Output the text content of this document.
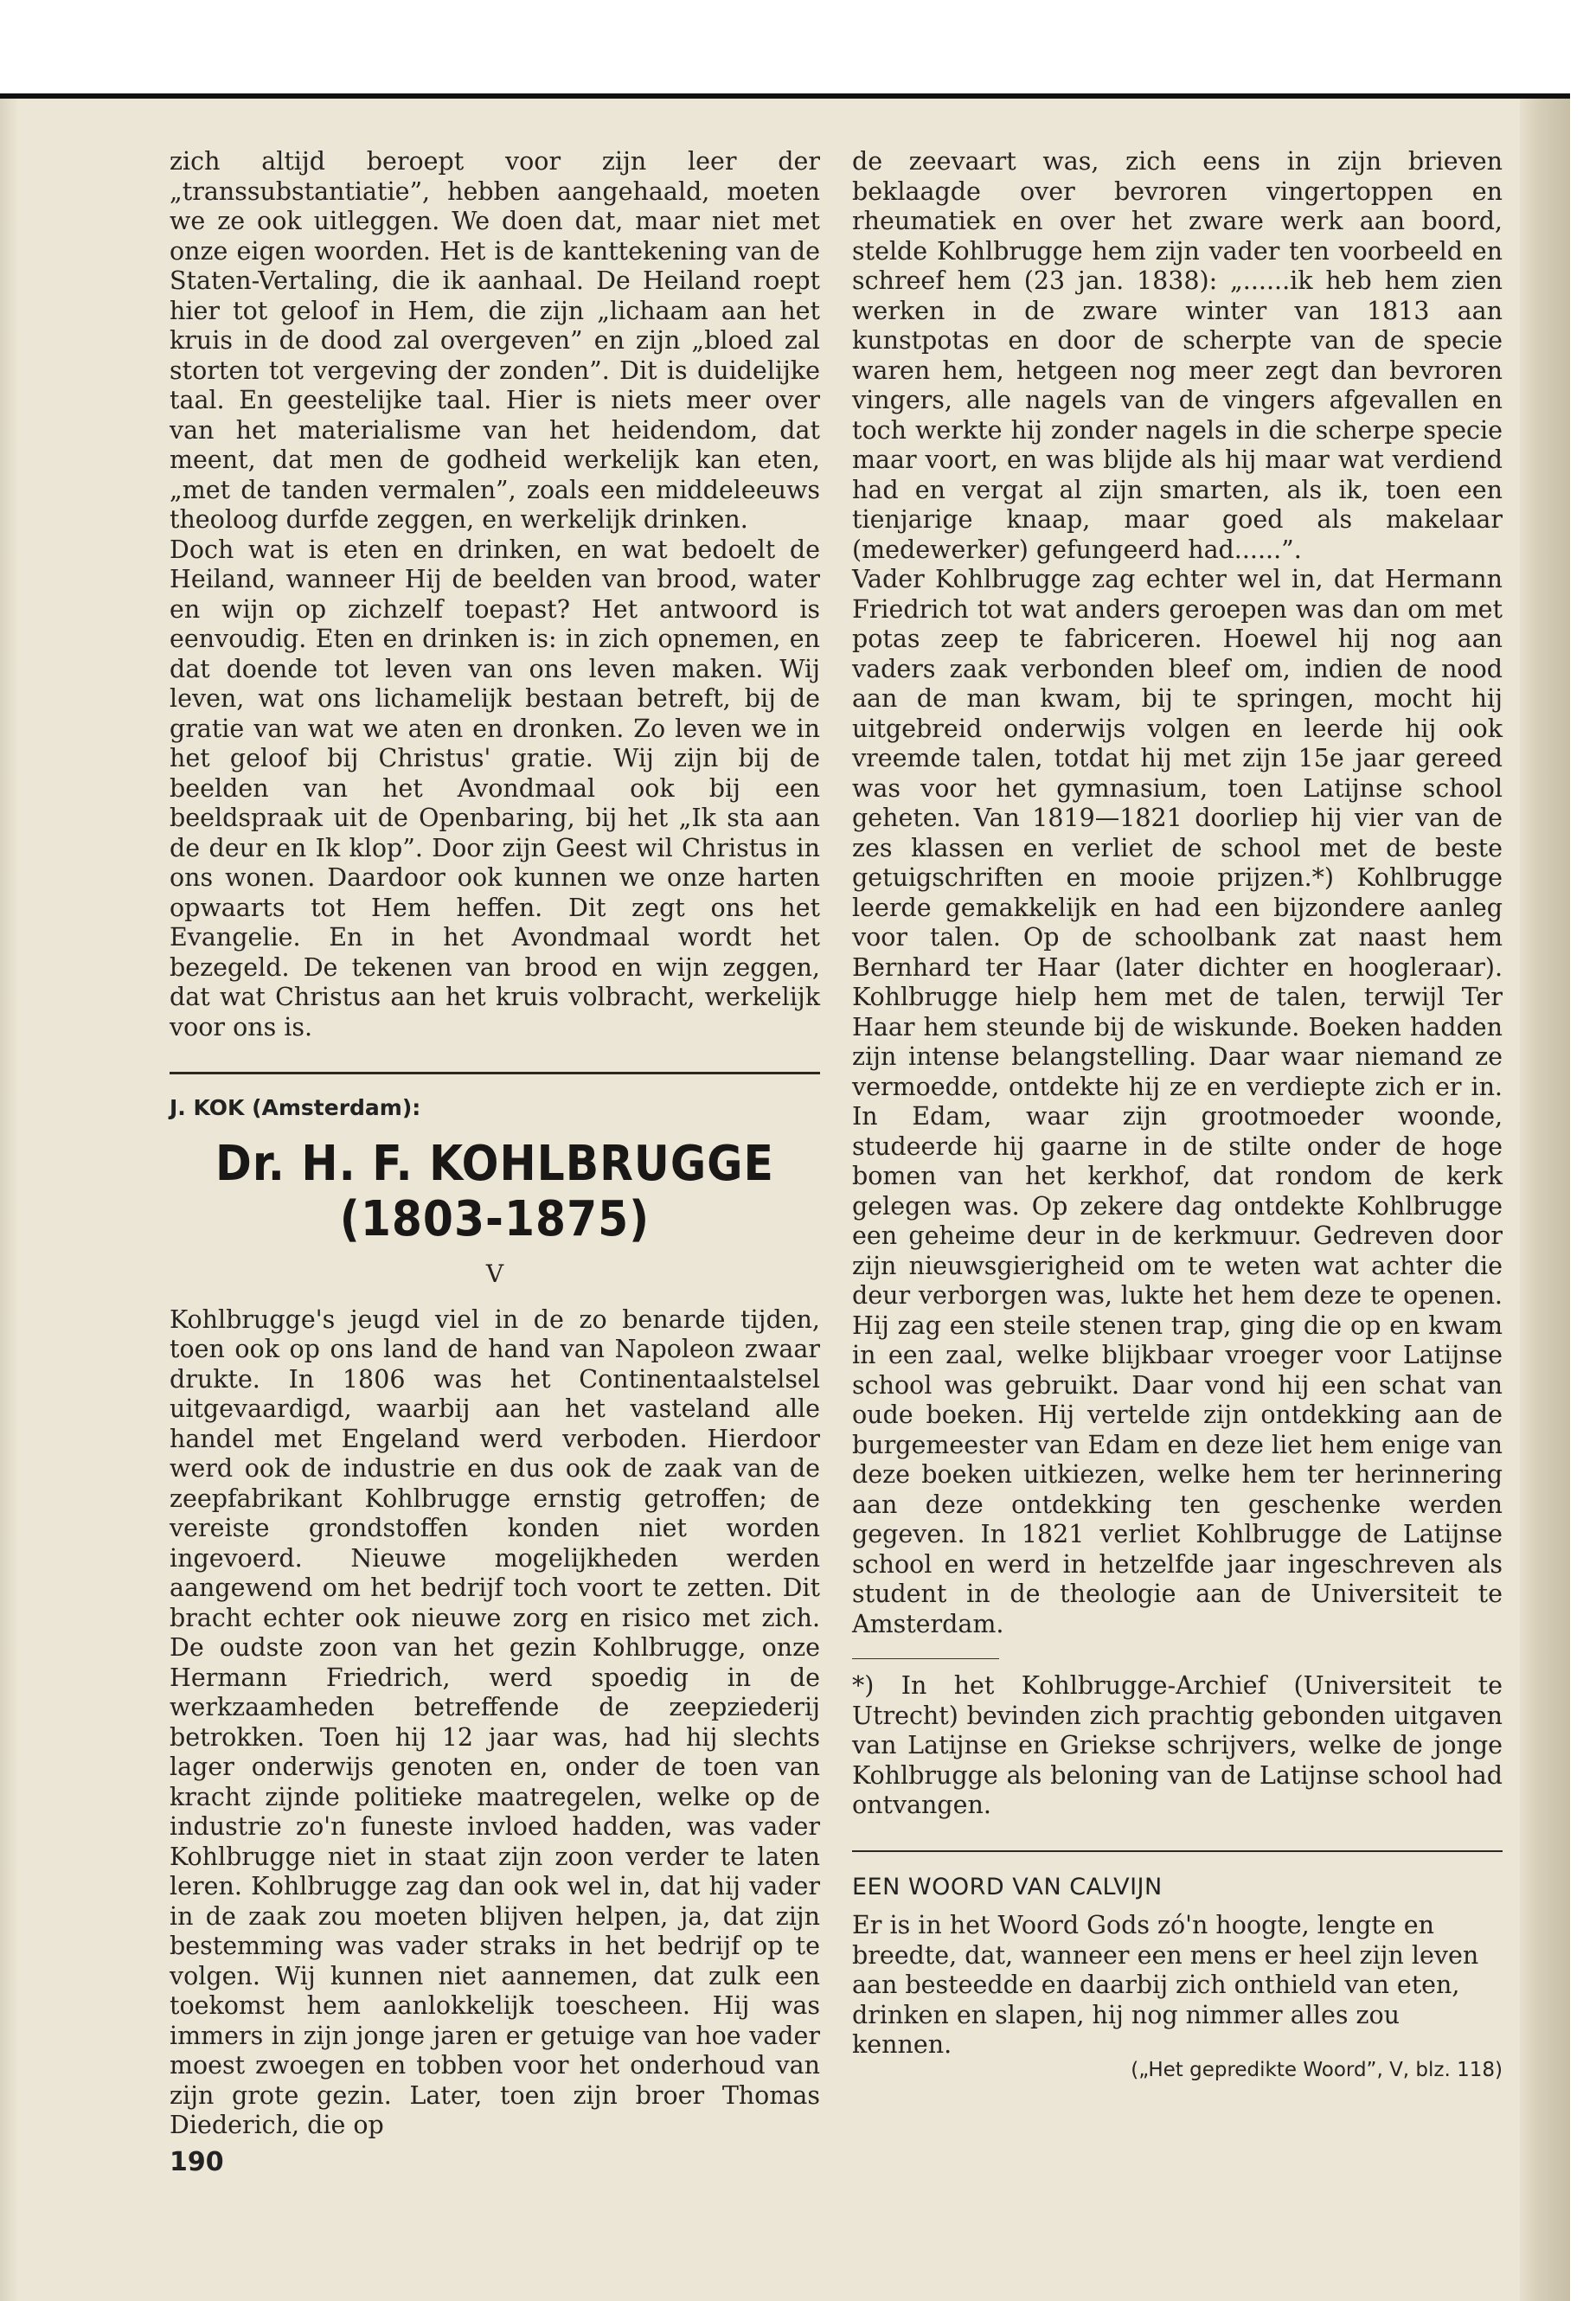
zich altijd beroept voor zijn leer der „transsubstantiatie”, hebben aangehaald, moeten we ze ook uitleggen. We doen dat, maar niet met onze eigen woorden. Het is de kanttekening van de Staten-Vertaling, die ik aanhaal. De Heiland roept hier tot geloof in Hem, die zijn „lichaam aan het kruis in de dood zal overgeven” en zijn „bloed zal storten tot vergeving der zonden”. Dit is duidelijke taal. En geestelijke taal. Hier is niets meer over van het materialisme van het heidendom, dat meent, dat men de godheid werkelijk kan eten, „met de tanden vermalen”, zoals een middeleeuws theoloog durfde zeggen, en werkelijk drinken.

Doch wat is eten en drinken, en wat bedoelt de Heiland, wanneer Hij de beelden van brood, water en wijn op zichzelf toepast? Het antwoord is eenvoudig. Eten en drinken is: in zich opnemen, en dat doende tot leven van ons leven maken. Wij leven, wat ons lichamelijk bestaan betreft, bij de gratie van wat we aten en dronken. Zo leven we in het geloof bij Christus' gratie. Wij zijn bij de beelden van het Avondmaal ook bij een beeldspraak uit de Openbaring, bij het „Ik sta aan de deur en Ik klop”. Door zijn Geest wil Christus in ons wonen. Daardoor ook kunnen we onze harten opwaarts tot Hem heffen. Dit zegt ons het Evangelie. En in het Avondmaal wordt het bezegeld. De tekenen van brood en wijn zeggen, dat wat Christus aan het kruis volbracht, werkelijk voor ons is.

J. KOK (Amsterdam):
Dr. H. F. KOHLBRUGGE (1803-1875)
V

Kohlbrugge's jeugd viel in de zo benarde tijden, toen ook op ons land de hand van Napoleon zwaar drukte. In 1806 was het Continentaalstelsel uitgevaardigd, waarbij aan het vasteland alle handel met Engeland werd verboden. Hierdoor werd ook de industrie en dus ook de zaak van de zeepfabrikant Kohlbrugge ernstig getroffen; de vereiste grondstoffen konden niet worden ingevoerd. Nieuwe mogelijkheden werden aangewend om het bedrijf toch voort te zetten. Dit bracht echter ook nieuwe zorg en risico met zich. De oudste zoon van het gezin Kohlbrugge, onze Hermann Friedrich, werd spoedig in de werkzaamheden betreffende de zeepziederij betrokken. Toen hij 12 jaar was, had hij slechts lager onderwijs genoten en, onder de toen van kracht zijnde politieke maatregelen, welke op de industrie zo'n funeste invloed hadden, was vader Kohlbrugge niet in staat zijn zoon verder te laten leren. Kohlbrugge zag dan ook wel in, dat hij vader in de zaak zou moeten blijven helpen, ja, dat zijn bestemming was vader straks in het bedrijf op te volgen. Wij kunnen niet aannemen, dat zulk een toekomst hem aanlokkelijk toescheen. Hij was immers in zijn jonge jaren er getuige van hoe vader moest zwoegen en tobben voor het onderhoud van zijn grote gezin. Later, toen zijn broer Thomas Diederich, die op

190

de zeevaart was, zich eens in zijn brieven beklaagde over bevroren vingertoppen en rheumatiek en over het zware werk aan boord, stelde Kohlbrugge hem zijn vader ten voorbeeld en schreef hem (23 jan. 1838): „......ik heb hem zien werken in de zware winter van 1813 aan kunstpotas en door de scherpte van de specie waren hem, hetgeen nog meer zegt dan bevroren vingers, alle nagels van de vingers afgevallen en toch werkte hij zonder nagels in die scherpe specie maar voort, en was blijde als hij maar wat verdiend had en vergat al zijn smarten, als ik, toen een tienjarige knaap, maar goed als makelaar (medewerker) gefungeerd had......”.

Vader Kohlbrugge zag echter wel in, dat Hermann Friedrich tot wat anders geroepen was dan om met potas zeep te fabriceren. Hoewel hij nog aan vaders zaak verbonden bleef om, indien de nood aan de man kwam, bij te springen, mocht hij uitgebreid onderwijs volgen en leerde hij ook vreemde talen, totdat hij met zijn 15e jaar gereed was voor het gymnasium, toen Latijnse school geheten. Van 1819—1821 doorliep hij vier van de zes klassen en verliet de school met de beste getuigschriften en mooie prijzen.*) Kohlbrugge leerde gemakkelijk en had een bijzondere aanleg voor talen. Op de schoolbank zat naast hem Bernhard ter Haar (later dichter en hoogleraar). Kohlbrugge hielp hem met de talen, terwijl Ter Haar hem steunde bij de wiskunde. Boeken hadden zijn intense belangstelling. Daar waar niemand ze vermoedde, ontdekte hij ze en verdiepte zich er in. In Edam, waar zijn grootmoeder woonde, studeerde hij gaarne in de stilte onder de hoge bomen van het kerkhof, dat rondom de kerk gelegen was. Op zekere dag ontdekte Kohlbrugge een geheime deur in de kerkmuur. Gedreven door zijn nieuwsgierigheid om te weten wat achter die deur verborgen was, lukte het hem deze te openen. Hij zag een steile stenen trap, ging die op en kwam in een zaal, welke blijkbaar vroeger voor Latijnse school was gebruikt. Daar vond hij een schat van oude boeken. Hij vertelde zijn ontdekking aan de burgemeester van Edam en deze liet hem enige van deze boeken uitkiezen, welke hem ter herinnering aan deze ontdekking ten geschenke werden gegeven. In 1821 verliet Kohlbrugge de Latijnse school en werd in hetzelfde jaar ingeschreven als student in de theologie aan de Universiteit te Amsterdam.

*) In het Kohlbrugge-Archief (Universiteit te Utrecht) bevinden zich prachtig gebonden uitgaven van Latijnse en Griekse schrijvers, welke de jonge Kohlbrugge als beloning van de Latijnse school had ontvangen.

EEN WOORD VAN CALVIJN

Er is in het Woord Gods zó'n hoogte, lengte en breedte, dat, wanneer een mens er heel zijn leven aan besteedde en daarbij zich onthield van eten, drinken en slapen, hij nog nimmer alles zou kennen.

(„Het gepredikte Woord”, V, blz. 118)
